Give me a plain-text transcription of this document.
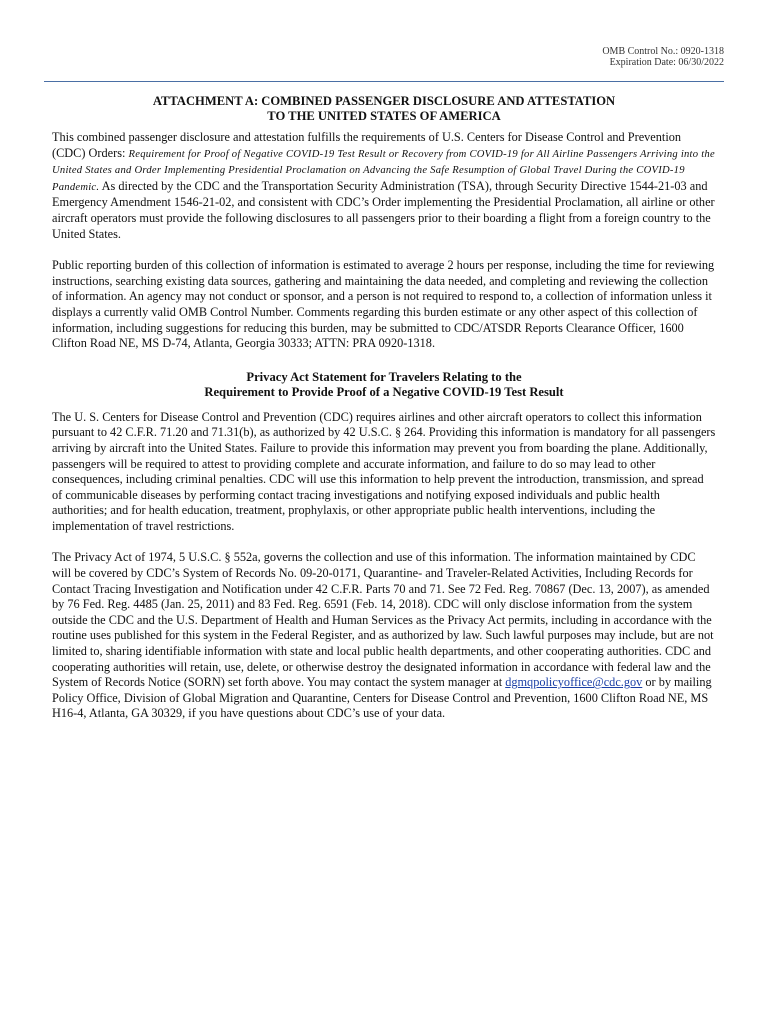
OMB Control No.: 0920-1318
Expiration Date: 06/30/2022
ATTACHMENT A: COMBINED PASSENGER DISCLOSURE AND ATTESTATION
TO THE UNITED STATES OF AMERICA

This combined passenger disclosure and attestation fulfills the requirements of U.S. Centers for Disease Control and Prevention (CDC) Orders: Requirement for Proof of Negative COVID-19 Test Result or Recovery from COVID-19 for All Airline Passengers Arriving into the United States and Order Implementing Presidential Proclamation on Advancing the Safe Resumption of Global Travel During the COVID-19 Pandemic. As directed by the CDC and the Transportation Security Administration (TSA), through Security Directive 1544-21-03 and Emergency Amendment 1546-21-02, and consistent with CDC’s Order implementing the Presidential Proclamation, all airline or other aircraft operators must provide the following disclosures to all passengers prior to their boarding a flight from a foreign country to the United States.

Public reporting burden of this collection of information is estimated to average 2 hours per response, including the time for reviewing instructions, searching existing data sources, gathering and maintaining the data needed, and completing and reviewing the collection of information. An agency may not conduct or sponsor, and a person is not required to respond to, a collection of information unless it displays a currently valid OMB Control Number. Comments regarding this burden estimate or any other aspect of this collection of information, including suggestions for reducing this burden, may be submitted to CDC/ATSDR Reports Clearance Officer, 1600 Clifton Road NE, MS D-74, Atlanta, Georgia 30333; ATTN: PRA 0920-1318.

Privacy Act Statement for Travelers Relating to the
Requirement to Provide Proof of a Negative COVID-19 Test Result

The U. S. Centers for Disease Control and Prevention (CDC) requires airlines and other aircraft operators to collect this information pursuant to 42 C.F.R. 71.20 and 71.31(b), as authorized by 42 U.S.C. § 264. Providing this information is mandatory for all passengers arriving by aircraft into the United States. Failure to provide this information may prevent you from boarding the plane. Additionally, passengers will be required to attest to providing complete and accurate information, and failure to do so may lead to other consequences, including criminal penalties. CDC will use this information to help prevent the introduction, transmission, and spread of communicable diseases by performing contact tracing investigations and notifying exposed individuals and public health authorities; and for health education, treatment, prophylaxis, or other appropriate public health interventions, including the implementation of travel restrictions.

The Privacy Act of 1974, 5 U.S.C. § 552a, governs the collection and use of this information. The information maintained by CDC will be covered by CDC’s System of Records No. 09-20-0171, Quarantine- and Traveler-Related Activities, Including Records for Contact Tracing Investigation and Notification under 42 C.F.R. Parts 70 and 71. See 72 Fed. Reg. 70867 (Dec. 13, 2007), as amended by 76 Fed. Reg. 4485 (Jan. 25, 2011) and 83 Fed. Reg. 6591 (Feb. 14, 2018). CDC will only disclose information from the system outside the CDC and the U.S. Department of Health and Human Services as the Privacy Act permits, including in accordance with the routine uses published for this system in the Federal Register, and as authorized by law. Such lawful purposes may include, but are not limited to, sharing identifiable information with state and local public health departments, and other cooperating authorities. CDC and cooperating authorities will retain, use, delete, or otherwise destroy the designated information in accordance with federal law and the System of Records Notice (SORN) set forth above. You may contact the system manager at dgmqpolicyoffice@cdc.gov or by mailing Policy Office, Division of Global Migration and Quarantine, Centers for Disease Control and Prevention, 1600 Clifton Road NE, MS H16-4, Atlanta, GA 30329, if you have questions about CDC’s use of your data.
